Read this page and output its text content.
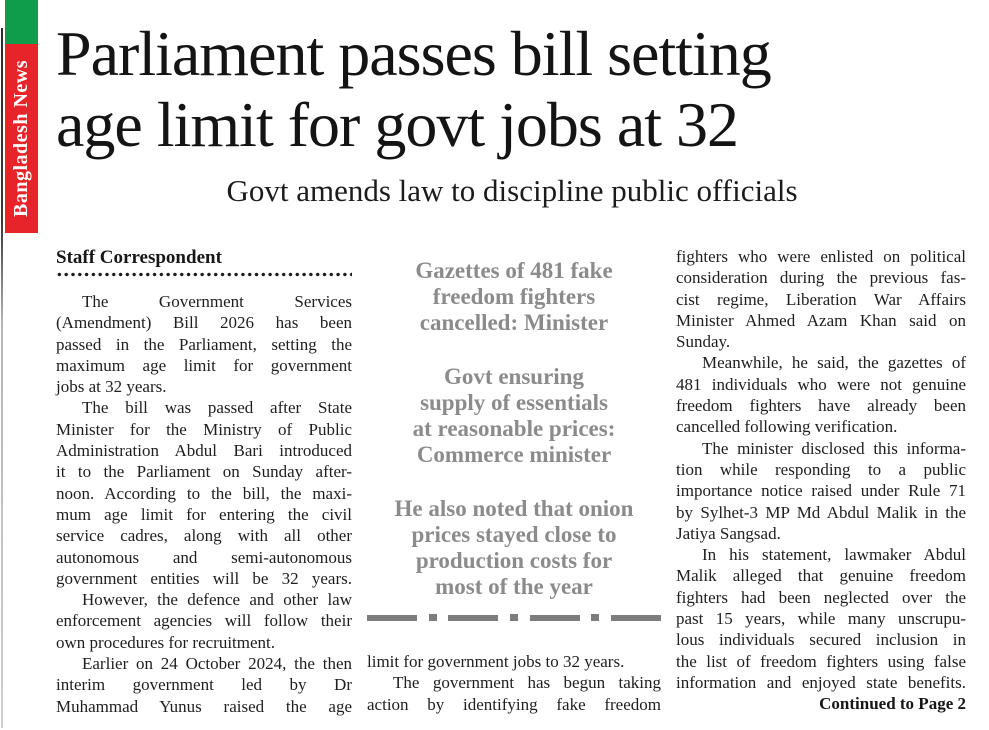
Bangladesh News
Parliament passes bill setting
age limit for govt jobs at 32
Govt amends law to discipline public officials
Staff Correspondent
The Government Services
(Amendment) Bill 2026 has been
passed in the Parliament, setting the
maximum age limit for government
jobs at 32 years.
The bill was passed after State
Minister for the Ministry of Public
Administration Abdul Bari introduced
it to the Parliament on Sunday after-
noon. According to the bill, the maxi-
mum age limit for entering the civil
service cadres, along with all other
autonomous and semi-autonomous
government entities will be 32 years.
However, the defence and other law
enforcement agencies will follow their
own procedures for recruitment.
Earlier on 24 October 2024, the then
interim government led by Dr
Muhammad Yunus raised the age
Gazettes of 481 fake
freedom fighters
cancelled: Minister
Govt ensuring
supply of essentials
at reasonable prices:
Commerce minister
He also noted that onion
prices stayed close to
production costs for
most of the year
limit for government jobs to 32 years.
The government has begun taking
action by identifying fake freedom
fighters who were enlisted on political
consideration during the previous fas-
cist regime, Liberation War Affairs
Minister Ahmed Azam Khan said on
Sunday.
Meanwhile, he said, the gazettes of
481 individuals who were not genuine
freedom fighters have already been
cancelled following verification.
The minister disclosed this informa-
tion while responding to a public
importance notice raised under Rule 71
by Sylhet-3 MP Md Abdul Malik in the
Jatiya Sangsad.
In his statement, lawmaker Abdul
Malik alleged that genuine freedom
fighters had been neglected over the
past 15 years, while many unscrupu-
lous individuals secured inclusion in
the list of freedom fighters using false
information and enjoyed state benefits.
Continued to Page 2
